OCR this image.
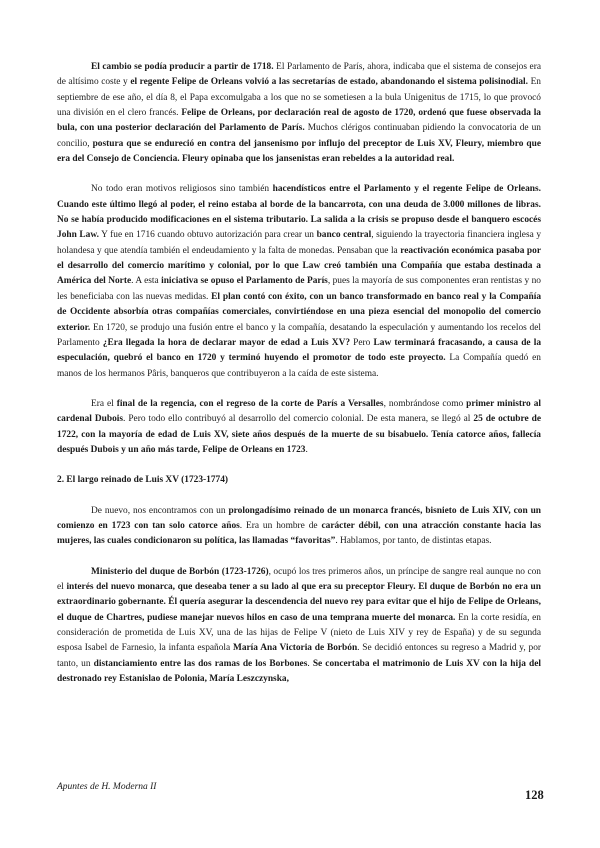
El cambio se podía producir a partir de 1718. El Parlamento de París, ahora, indicaba que el sistema de consejos era de altísimo coste y el regente Felipe de Orleans volvió a las secretarías de estado, abandonando el sistema polisinodial. En septiembre de ese año, el día 8, el Papa excomulgaba a los que no se sometiesen a la bula Unigenitus de 1715, lo que provocó una división en el clero francés. Felipe de Orleans, por declaración real de agosto de 1720, ordenó que fuese observada la bula, con una posterior declaración del Parlamento de París. Muchos clérigos continuaban pidiendo la convocatoria de un concilio, postura que se endureció en contra del jansenismo por influjo del preceptor de Luis XV, Fleury, miembro que era del Consejo de Conciencia. Fleury opinaba que los jansenistas eran rebeldes a la autoridad real.

No todo eran motivos religiosos sino también hacendísticos entre el Parlamento y el regente Felipe de Orleans. Cuando este último llegó al poder, el reino estaba al borde de la bancarrota, con una deuda de 3.000 millones de libras. No se había producido modificaciones en el sistema tributario. La salida a la crisis se propuso desde el banquero escocés John Law. Y fue en 1716 cuando obtuvo autorización para crear un banco central, siguiendo la trayectoria financiera inglesa y holandesa y que atendía también el endeudamiento y la falta de monedas. Pensaban que la reactivación económica pasaba por el desarrollo del comercio marítimo y colonial, por lo que Law creó también una Compañía que estaba destinada a América del Norte. A esta iniciativa se opuso el Parlamento de París, pues la mayoría de sus componentes eran rentistas y no les beneficiaba con las nuevas medidas. El plan contó con éxito, con un banco transformado en banco real y la Compañía de Occidente absorbía otras compañías comerciales, convirtiéndose en una pieza esencial del monopolio del comercio exterior. En 1720, se produjo una fusión entre el banco y la compañía, desatando la especulación y aumentando los recelos del Parlamento ¿Era llegada la hora de declarar mayor de edad a Luis XV? Pero Law terminará fracasando, a causa de la especulación, quebró el banco en 1720 y terminó huyendo el promotor de todo este proyecto. La Compañía quedó en manos de los hermanos Pâris, banqueros que contribuyeron a la caída de este sistema.

Era el final de la regencia, con el regreso de la corte de París a Versalles, nombrándose como primer ministro al cardenal Dubois. Pero todo ello contribuyó al desarrollo del comercio colonial. De esta manera, se llegó al 25 de octubre de 1722, con la mayoría de edad de Luis XV, siete años después de la muerte de su bisabuelo. Tenía catorce años, fallecía después Dubois y un año más tarde, Felipe de Orleans en 1723.

2. El largo reinado de Luis XV (1723-1774)

De nuevo, nos encontramos con un prolongadísimo reinado de un monarca francés, bisnieto de Luis XIV, con un comienzo en 1723 con tan solo catorce años. Era un hombre de carácter débil, con una atracción constante hacia las mujeres, las cuales condicionaron su política, las llamadas “favoritas”. Hablamos, por tanto, de distintas etapas.

Ministerio del duque de Borbón (1723-1726), ocupó los tres primeros años, un príncipe de sangre real aunque no con el interés del nuevo monarca, que deseaba tener a su lado al que era su preceptor Fleury. El duque de Borbón no era un extraordinario gobernante. Él quería asegurar la descendencia del nuevo rey para evitar que el hijo de Felipe de Orleans, el duque de Chartres, pudiese manejar nuevos hilos en caso de una temprana muerte del monarca. En la corte residía, en consideración de prometida de Luis XV, una de las hijas de Felipe V (nieto de Luis XIV y rey de España) y de su segunda esposa Isabel de Farnesio, la infanta española María Ana Victoria de Borbón. Se decidió entonces su regreso a Madrid y, por tanto, un distanciamiento entre las dos ramas de los Borbones. Se concertaba el matrimonio de Luis XV con la hija del destronado rey Estanislao de Polonia, María Leszczynska,

Apuntes de H. Moderna II
128
